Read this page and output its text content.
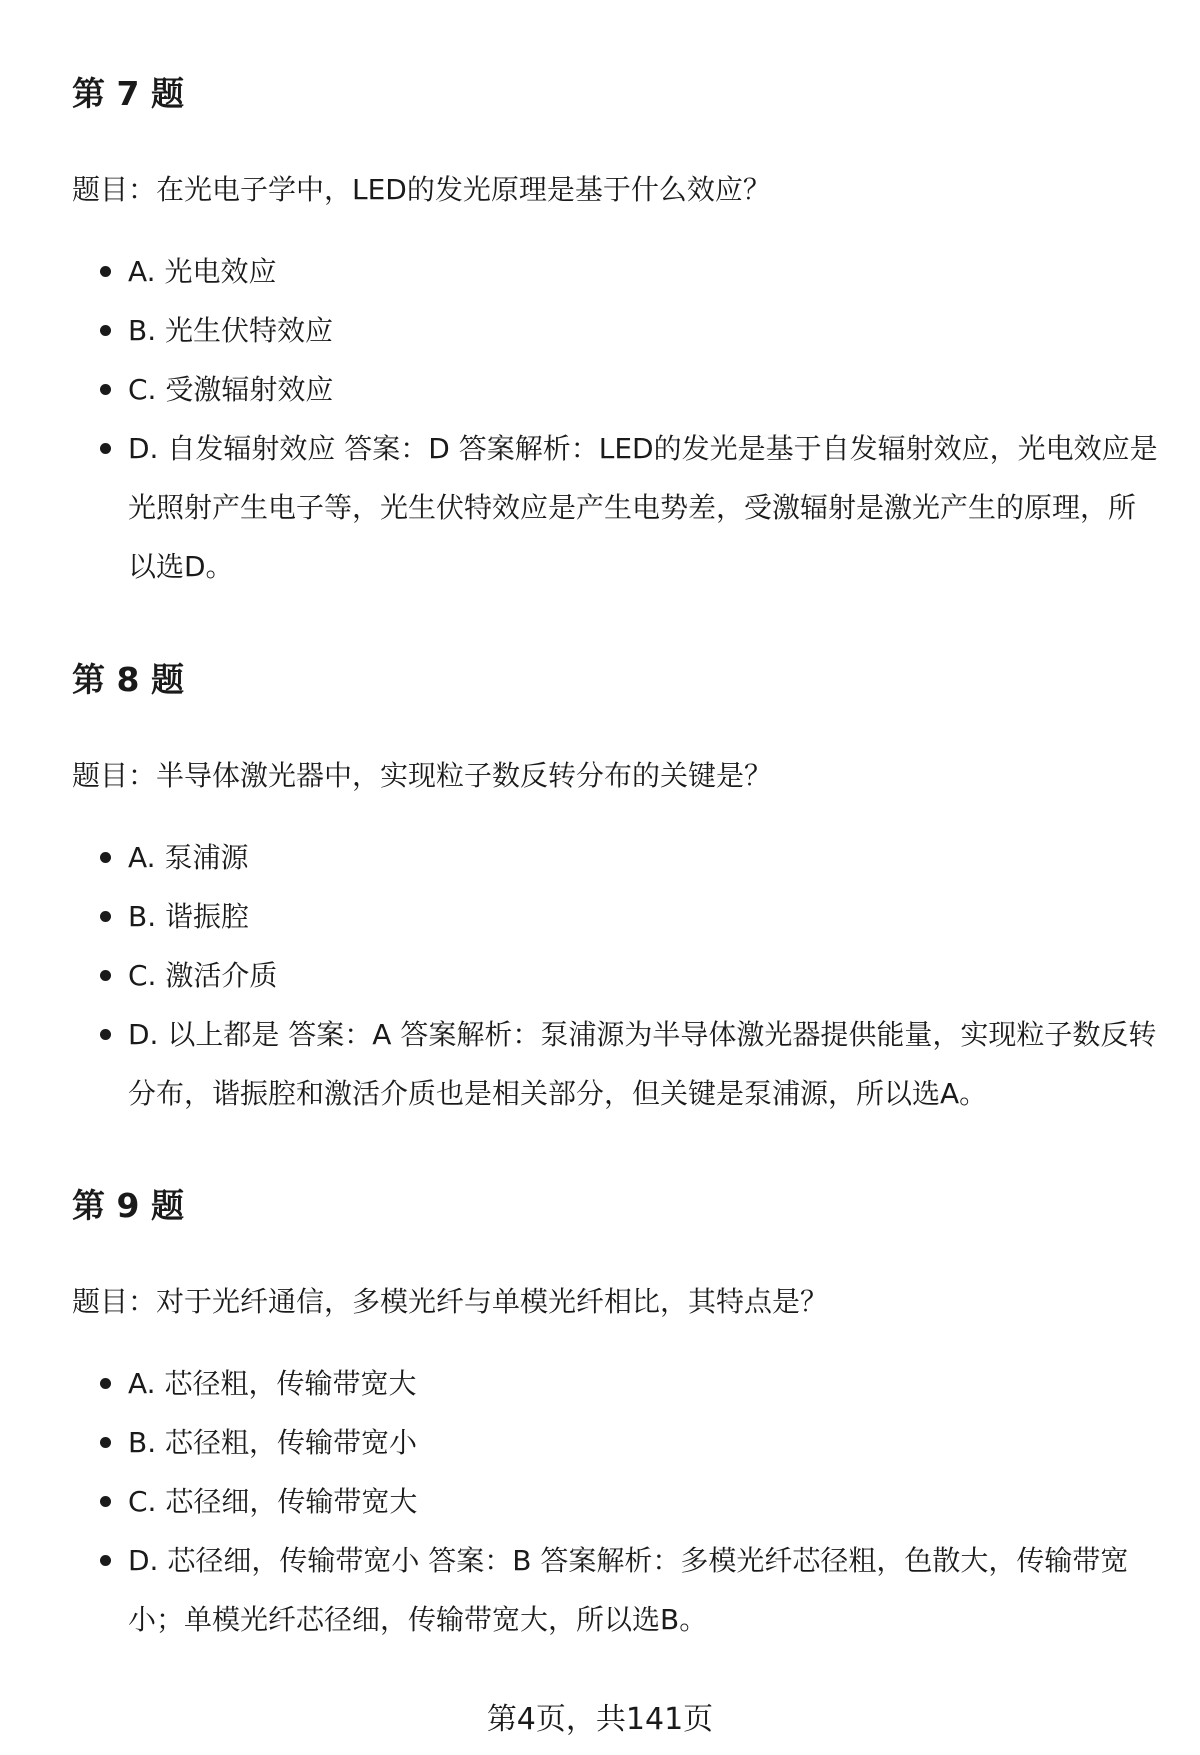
第 7 题

题目：在光电子学中，LED的发光原理是基于什么效应？

A. 光电效应
B. 光生伏特效应
C. 受激辐射效应
D. 自发辐射效应 答案：D 答案解析：LED的发光是基于自发辐射效应，光电效应是光照射产生电子等，光生伏特效应是产生电势差，受激辐射是激光产生的原理，所以选D。
第 8 题

题目：半导体激光器中，实现粒子数反转分布的关键是？

A. 泵浦源
B. 谐振腔
C. 激活介质
D. 以上都是 答案：A 答案解析：泵浦源为半导体激光器提供能量，实现粒子数反转分布，谐振腔和激活介质也是相关部分，但关键是泵浦源，所以选A。
第 9 题

题目：对于光纤通信，多模光纤与单模光纤相比，其特点是？

A. 芯径粗，传输带宽大
B. 芯径粗，传输带宽小
C. 芯径细，传输带宽大
D. 芯径细，传输带宽小 答案：B 答案解析：多模光纤芯径粗，色散大，传输带宽小；单模光纤芯径细，传输带宽大，所以选B。
第4页，共141页
